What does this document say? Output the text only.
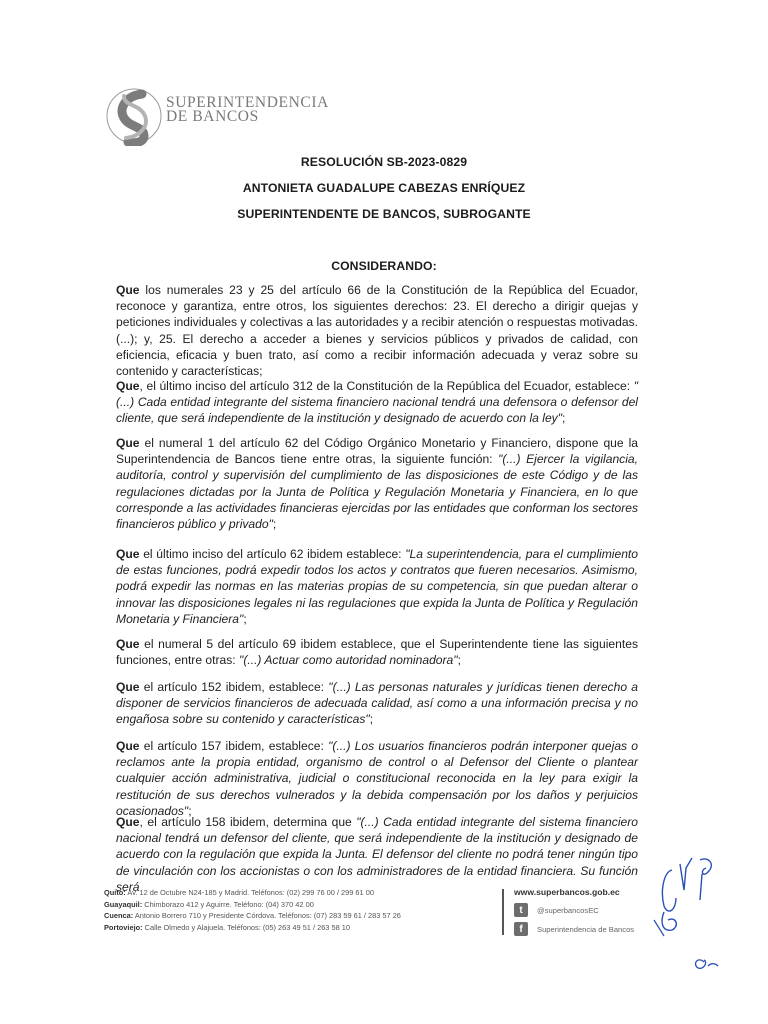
SUPERINTENDENCIA
DE BANCOS
RESOLUCIÓN SB-2023-0829
ANTONIETA GUADALUPE CABEZAS ENRÍQUEZ
SUPERINTENDENTE DE BANCOS, SUBROGANTE
CONSIDERANDO:
Que los numerales 23 y 25 del artículo 66 de la Constitución de la República del Ecuador, reconoce y garantiza, entre otros, los siguientes derechos: 23. El derecho a dirigir quejas y peticiones individuales y colectivas a las autoridades y a recibir atención o respuestas motivadas. (...); y, 25. El derecho a acceder a bienes y servicios públicos y privados de calidad, con eficiencia, eficacia y buen trato, así como a recibir información adecuada y veraz sobre su contenido y características;
Que, el último inciso del artículo 312 de la Constitución de la República del Ecuador, establece: "(...) Cada entidad integrante del sistema financiero nacional tendrá una defensora o defensor del cliente, que será independiente de la institución y designado de acuerdo con la ley";
Que el numeral 1 del artículo 62 del Código Orgánico Monetario y Financiero, dispone que la Superintendencia de Bancos tiene entre otras, la siguiente función: "(...) Ejercer la vigilancia, auditoría, control y supervisión del cumplimiento de las disposiciones de este Código y de las regulaciones dictadas por la Junta de Política y Regulación Monetaria y Financiera, en lo que corresponde a las actividades financieras ejercidas por las entidades que conforman los sectores financieros público y privado";
Que el último inciso del artículo 62 ibidem establece: "La superintendencia, para el cumplimiento de estas funciones, podrá expedir todos los actos y contratos que fueren necesarios. Asimismo, podrá expedir las normas en las materias propias de su competencia, sin que puedan alterar o innovar las disposiciones legales ni las regulaciones que expida la Junta de Política y Regulación Monetaria y Financiera";
Que el numeral 5 del artículo 69 ibidem establece, que el Superintendente tiene las siguientes funciones, entre otras: "(...) Actuar como autoridad nominadora";
Que el artículo 152 ibidem, establece: "(...) Las personas naturales y jurídicas tienen derecho a disponer de servicios financieros de adecuada calidad, así como a una información precisa y no engañosa sobre su contenido y características";
Que el artículo 157 ibidem, establece: "(...) Los usuarios financieros podrán interponer quejas o reclamos ante la propia entidad, organismo de control o al Defensor del Cliente o plantear cualquier acción administrativa, judicial o constitucional reconocida en la ley para exigir la restitución de sus derechos vulnerados y la debida compensación por los daños y perjuicios ocasionados";
Que, el artículo 158 ibidem, determina que "(...) Cada entidad integrante del sistema financiero nacional tendrá un defensor del cliente, que será independiente de la institución y designado de acuerdo con la regulación que expida la Junta. El defensor del cliente no podrá tener ningún tipo de vinculación con los accionistas o con los administradores de la entidad financiera. Su función será
Quito: Av. 12 de Octubre N24-185 y Madrid. Teléfonos: (02) 299 76 00 / 299 61 00
Guayaquil: Chimborazo 412 y Aguirre. Teléfono: (04) 370 42 00
Cuenca: Antonio Borrero 710 y Presidente Córdova. Teléfonos: (07) 283 59 61 / 283 57 26
Portoviejo: Calle Olmedo y Alajuela. Teléfonos: (05) 263 49 51 / 263 58 10
www.superbancos.gob.ec
t	@superbancosEC
f	Superintendencia de Bancos
